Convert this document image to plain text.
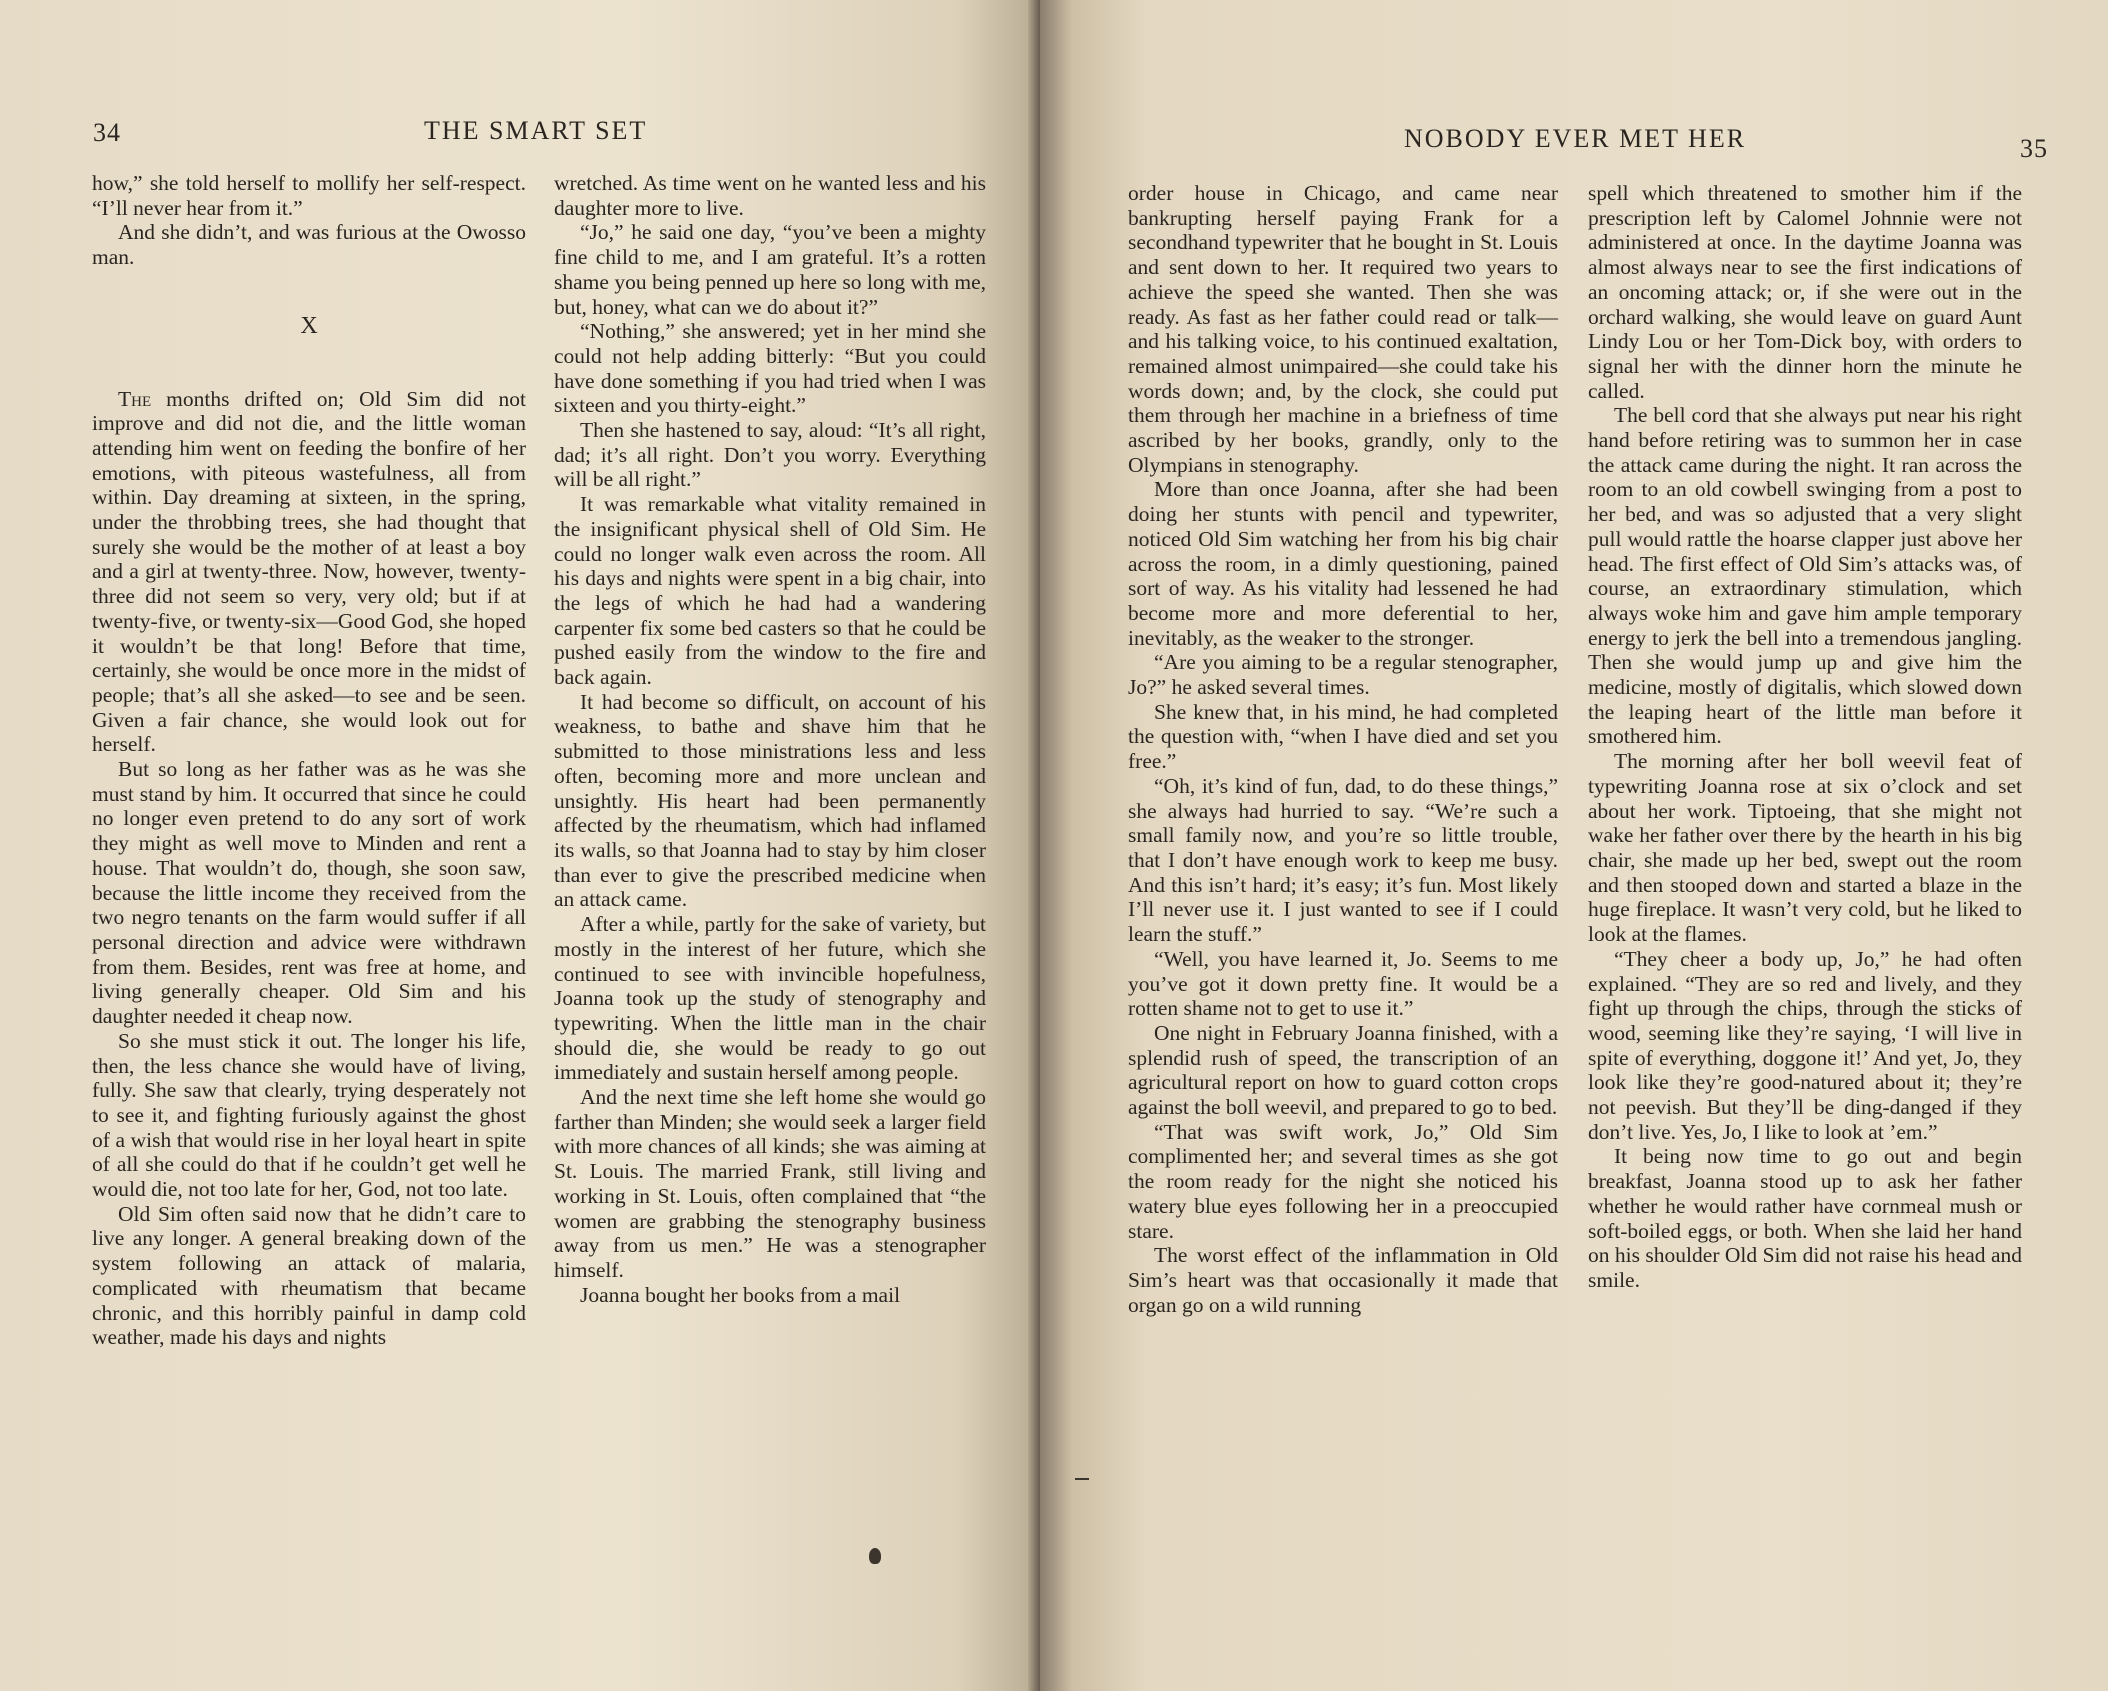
34	THE SMART SET

how,” she told herself to mollify her self-respect. “I’ll never hear from it.”

And she didn’t, and was furious at the Owosso man.

X

The months drifted on; Old Sim did not improve and did not die, and the little woman attending him went on feeding the bonfire of her emotions, with piteous wastefulness, all from within. Day dreaming at sixteen, in the spring, under the throbbing trees, she had thought that surely she would be the mother of at least a boy and a girl at twenty-three. Now, however, twenty-three did not seem so very, very old; but if at twenty-five, or twenty-six—Good God, she hoped it wouldn’t be that long! Before that time, certainly, she would be once more in the midst of people; that’s all she asked—to see and be seen. Given a fair chance, she would look out for herself.

But so long as her father was as he was she must stand by him. It occurred that since he could no longer even pretend to do any sort of work they might as well move to Minden and rent a house. That wouldn’t do, though, she soon saw, because the little income they received from the two negro tenants on the farm would suffer if all personal direction and advice were withdrawn from them. Besides, rent was free at home, and living generally cheaper. Old Sim and his daughter needed it cheap now.

So she must stick it out. The longer his life, then, the less chance she would have of living, fully. She saw that clearly, trying desperately not to see it, and fighting furiously against the ghost of a wish that would rise in her loyal heart in spite of all she could do that if he couldn’t get well he would die, not too late for her, God, not too late.

Old Sim often said now that he didn’t care to live any longer. A general breaking down of the system following an attack of malaria, complicated with rheumatism that became chronic, and this horribly painful in damp cold weather, made his days and nights

wretched. As time went on he wanted less and his daughter more to live.

“Jo,” he said one day, “you’ve been a mighty fine child to me, and I am grateful. It’s a rotten shame you being penned up here so long with me, but, honey, what can we do about it?”

“Nothing,” she answered; yet in her mind she could not help adding bitterly: “But you could have done something if you had tried when I was sixteen and you thirty-eight.”

Then she hastened to say, aloud: “It’s all right, dad; it’s all right. Don’t you worry. Everything will be all right.”

It was remarkable what vitality remained in the insignificant physical shell of Old Sim. He could no longer walk even across the room. All his days and nights were spent in a big chair, into the legs of which he had had a wandering carpenter fix some bed casters so that he could be pushed easily from the window to the fire and back again.

It had become so difficult, on account of his weakness, to bathe and shave him that he submitted to those ministrations less and less often, becoming more and more unclean and unsightly. His heart had been permanently affected by the rheumatism, which had inflamed its walls, so that Joanna had to stay by him closer than ever to give the prescribed medicine when an attack came.

After a while, partly for the sake of variety, but mostly in the interest of her future, which she continued to see with invincible hopefulness, Joanna took up the study of stenography and typewriting. When the little man in the chair should die, she would be ready to go out immediately and sustain herself among people.

And the next time she left home she would go farther than Minden; she would seek a larger field with more chances of all kinds; she was aiming at St. Louis. The married Frank, still living and working in St. Louis, often complained that “the women are grabbing the stenography business away from us men.” He was a stenographer himself.

Joanna bought her books from a mail

NOBODY EVER MET HER	35

order house in Chicago, and came near bankrupting herself paying Frank for a secondhand typewriter that he bought in St. Louis and sent down to her. It required two years to achieve the speed she wanted. Then she was ready. As fast as her father could read or talk—and his talking voice, to his continued exaltation, remained almost unimpaired—she could take his words down; and, by the clock, she could put them through her machine in a briefness of time ascribed by her books, grandly, only to the Olympians in stenography.

More than once Joanna, after she had been doing her stunts with pencil and typewriter, noticed Old Sim watching her from his big chair across the room, in a dimly questioning, pained sort of way. As his vitality had lessened he had become more and more deferential to her, inevitably, as the weaker to the stronger.

“Are you aiming to be a regular stenographer, Jo?” he asked several times.

She knew that, in his mind, he had completed the question with, “when I have died and set you free.”

“Oh, it’s kind of fun, dad, to do these things,” she always had hurried to say. “We’re such a small family now, and you’re so little trouble, that I don’t have enough work to keep me busy. And this isn’t hard; it’s easy; it’s fun. Most likely I’ll never use it. I just wanted to see if I could learn the stuff.”

“Well, you have learned it, Jo. Seems to me you’ve got it down pretty fine. It would be a rotten shame not to get to use it.”

One night in February Joanna finished, with a splendid rush of speed, the transcription of an agricultural report on how to guard cotton crops against the boll weevil, and prepared to go to bed.

“That was swift work, Jo,” Old Sim complimented her; and several times as she got the room ready for the night she noticed his watery blue eyes following her in a preoccupied stare.

The worst effect of the inflammation in Old Sim’s heart was that occasionally it made that organ go on a wild running

spell which threatened to smother him if the prescription left by Calomel Johnnie were not administered at once. In the daytime Joanna was almost always near to see the first indications of an oncoming attack; or, if she were out in the orchard walking, she would leave on guard Aunt Lindy Lou or her Tom-Dick boy, with orders to signal her with the dinner horn the minute he called.

The bell cord that she always put near his right hand before retiring was to summon her in case the attack came during the night. It ran across the room to an old cowbell swinging from a post to her bed, and was so adjusted that a very slight pull would rattle the hoarse clapper just above her head. The first effect of Old Sim’s attacks was, of course, an extraordinary stimulation, which always woke him and gave him ample temporary energy to jerk the bell into a tremendous jangling. Then she would jump up and give him the medicine, mostly of digitalis, which slowed down the leaping heart of the little man before it smothered him.

The morning after her boll weevil feat of typewriting Joanna rose at six o’clock and set about her work. Tiptoeing, that she might not wake her father over there by the hearth in his big chair, she made up her bed, swept out the room and then stooped down and started a blaze in the huge fireplace. It wasn’t very cold, but he liked to look at the flames.

“They cheer a body up, Jo,” he had often explained. “They are so red and lively, and they fight up through the chips, through the sticks of wood, seeming like they’re saying, ‘I will live in spite of everything, doggone it!’ And yet, Jo, they look like they’re good-natured about it; they’re not peevish. But they’ll be ding-danged if they don’t live. Yes, Jo, I like to look at ’em.”

It being now time to go out and begin breakfast, Joanna stood up to ask her father whether he would rather have cornmeal mush or soft-boiled eggs, or both. When she laid her hand on his shoulder Old Sim did not raise his head and smile.
